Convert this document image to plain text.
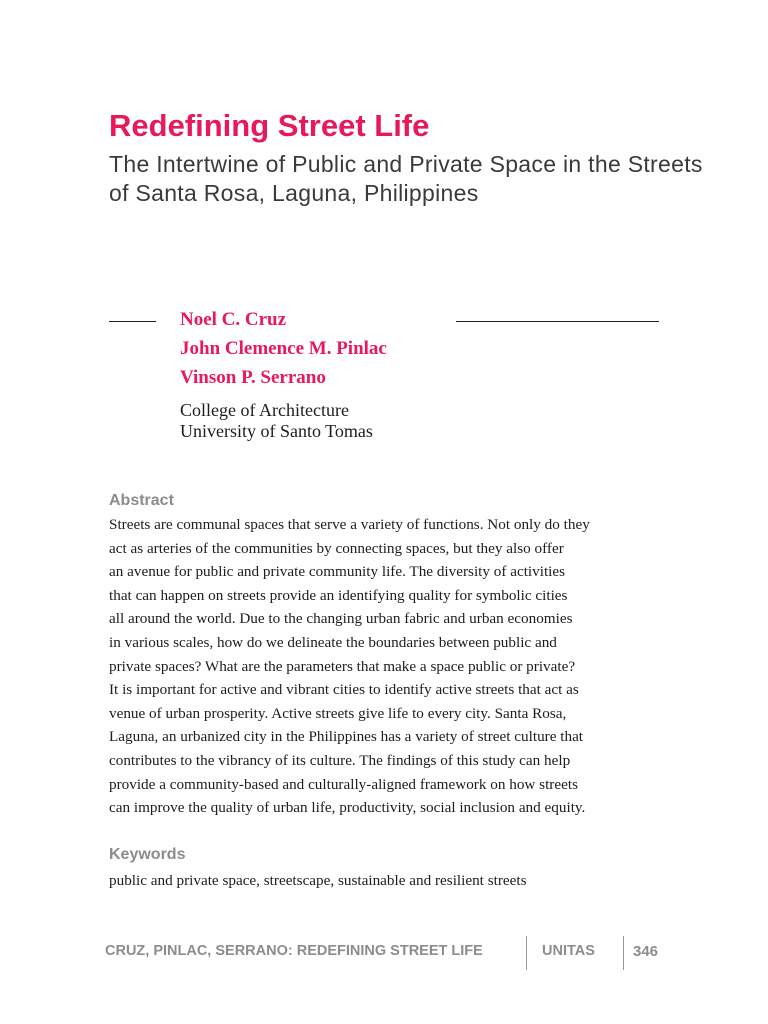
Redefining Street Life
The Intertwine of Public and Private Space in the Streets of Santa Rosa, Laguna, Philippines
Noel C. Cruz
John Clemence M. Pinlac
Vinson P. Serrano
College of Architecture
University of Santo Tomas
Abstract
Streets are communal spaces that serve a variety of functions. Not only do they
act as arteries of the communities by connecting spaces, but they also offer
an avenue for public and private community life. The diversity of activities
that can happen on streets provide an identifying quality for symbolic cities
all around the world. Due to the changing urban fabric and urban economies
in various scales, how do we delineate the boundaries between public and
private spaces? What are the parameters that make a space public or private?
It is important for active and vibrant cities to identify active streets that act as
venue of urban prosperity. Active streets give life to every city. Santa Rosa,
Laguna, an urbanized city in the Philippines has a variety of street culture that
contributes to the vibrancy of its culture. The findings of this study can help
provide a community-based and culturally-aligned framework on how streets
can improve the quality of urban life, productivity, social inclusion and equity.
Keywords
public and private space, streetscape, sustainable and resilient streets
CRUZ, PINLAC, SERRANO: REDEFINING STREET LIFE	UNITAS	346
